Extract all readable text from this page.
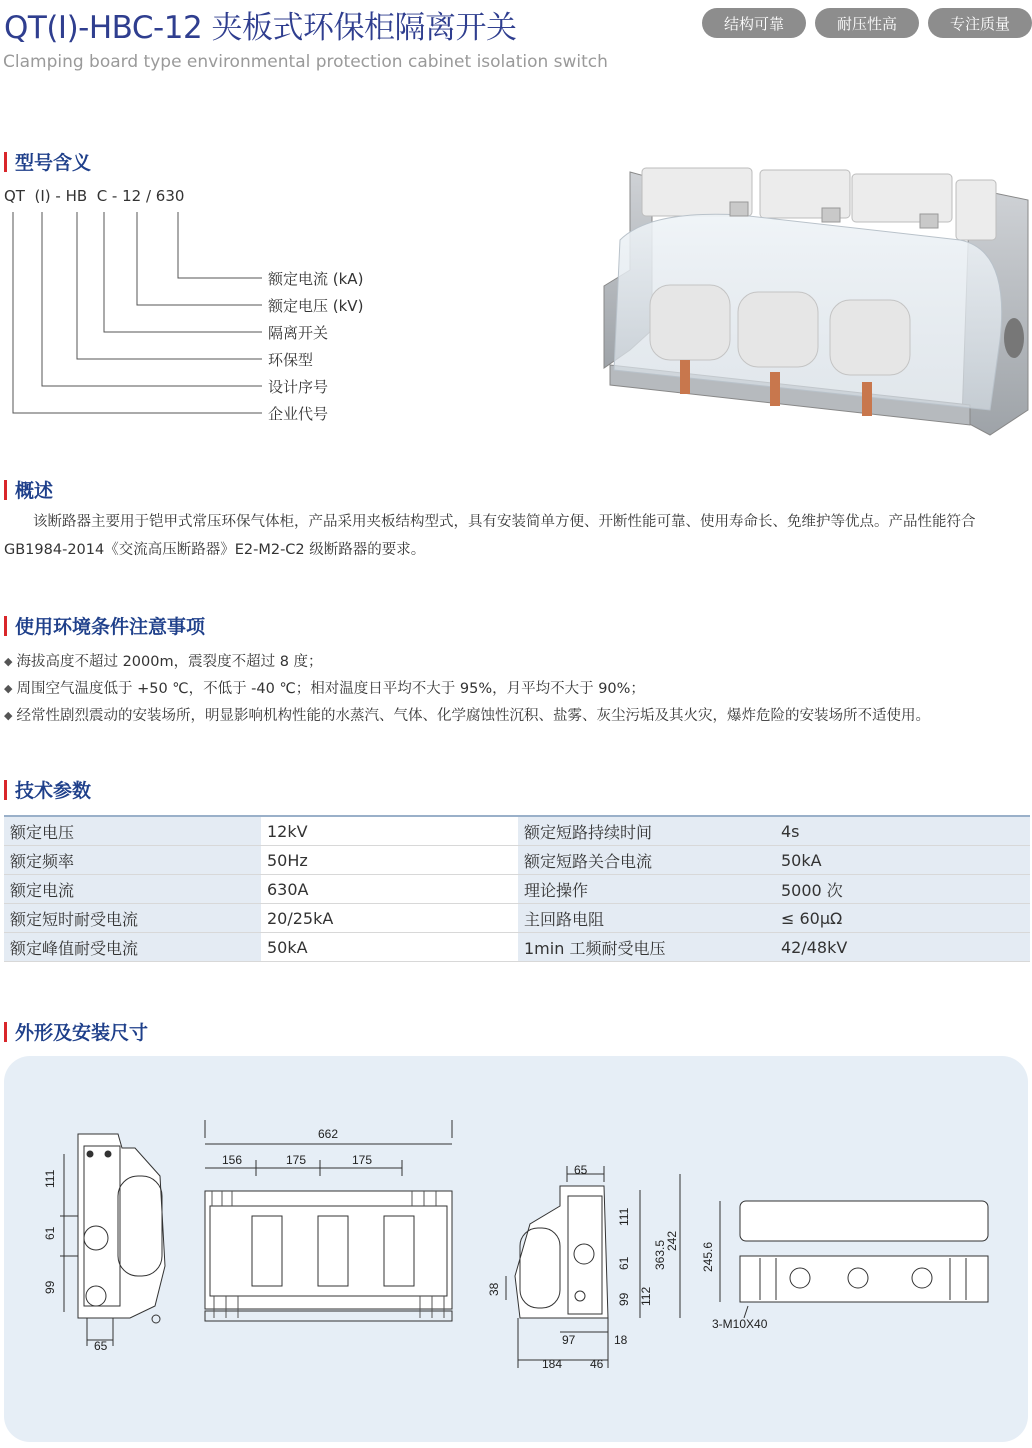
QT(I)-HBC-12 夹板式环保柜隔离开关
Clamping board type environmental protection cabinet isolation switch
结构可靠	耐压性高	专注质量
型号含义
QT  (I) - HB  C - 12 / 630
额定电流 (kA)
额定电压 (kV)
隔离开关
环保型
设计序号
企业代号
概述
　　该断路器主要用于铠甲式常压环保气体柜，产品采用夹板结构型式，具有安装简单方便、开断性能可靠、使用寿命长、免维护等优点。产品性能符合 GB1984-2014《交流高压断路器》E2-M2-C2 级断路器的要求。
使用环境条件注意事项
◆ 海拔高度不超过 2000m，震裂度不超过 8 度；
◆ 周围空气温度低于 +50 ℃，不低于 -40 ℃；相对温度日平均不大于 95%，月平均不大于 90%；
◆ 经常性剧烈震动的安装场所，明显影响机构性能的水蒸汽、气体、化学腐蚀性沉积、盐雾、灰尘污垢及其火灾，爆炸危险的安装场所不适使用。
技术参数
额定电压	12kV	额定短路持续时间	4s
额定频率	50Hz	额定短路关合电流	50kA
额定电流	630A	理论操作	5000 次
额定短时耐受电流	20/25kA	主回路电阻	≤ 60μΩ
额定峰值耐受电流	50kA	1min 工频耐受电压	42/48kV
外形及安装尺寸
662
156	175	175
111
61
99
65
65
242
363.5
111
61
99 112
38
97	18
184 46
245.6
3-M10X40
